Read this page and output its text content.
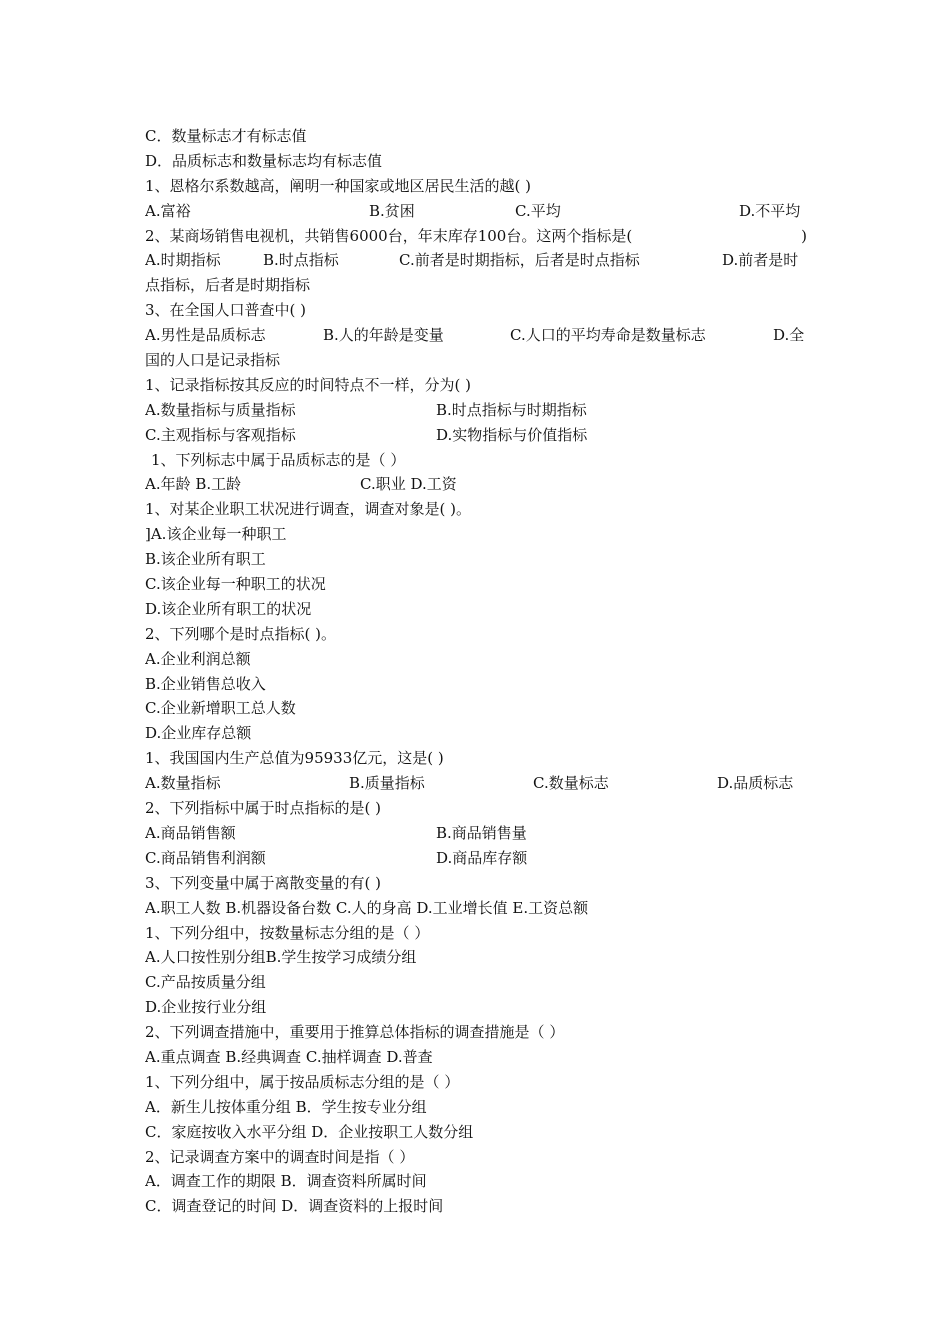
C．数量标志才有标志值
D．品质标志和数量标志均有标志值
1、恩格尔系数越高，阐明一种国家或地区居民生活的越( )
A.富裕	B.贫困	C.平均	D.不平均
2、某商场销售电视机，共销售6000台，年末库存100台。这两个指标是(	)
A.时期指标	B.时点指标	C.前者是时期指标，后者是时点指标	D.前者是时
点指标，后者是时期指标
3、在全国人口普查中( )
A.男性是品质标志	B.人的年龄是变量	C.人口的平均寿命是数量标志	D.全
国的人口是记录指标
1、记录指标按其反应的时间特点不一样，分为( )
A.数量指标与质量指标	B.时点指标与时期指标
C.主观指标与客观指标	D.实物指标与价值指标
1、下列标志中属于品质标志的是（ ）
A.年龄 B.工龄	C.职业 D.工资
1、对某企业职工状况进行调查，调查对象是( )。
]A.该企业每一种职工
B.该企业所有职工
C.该企业每一种职工的状况
D.该企业所有职工的状况
2、下列哪个是时点指标( )。
A.企业利润总额
B.企业销售总收入
C.企业新增职工总人数
D.企业库存总额
1、我国国内生产总值为95933亿元，这是( )
A.数量指标	B.质量指标	C.数量标志	D.品质标志
2、下列指标中属于时点指标的是( )
A.商品销售额	B.商品销售量
C.商品销售利润额	D.商品库存额
3、下列变量中属于离散变量的有( )
A.职工人数 B.机器设备台数 C.人的身高 D.工业增长值 E.工资总额
1、下列分组中，按数量标志分组的是（ ）
A.人口按性别分组B.学生按学习成绩分组
C.产品按质量分组
D.企业按行业分组
2、下列调查措施中，重要用于推算总体指标的调查措施是（ ）
A.重点调查 B.经典调查 C.抽样调查 D.普查
1、下列分组中，属于按品质标志分组的是（ ）
A．新生儿按体重分组 B．学生按专业分组
C．家庭按收入水平分组 D．企业按职工人数分组
2、记录调查方案中的调查时间是指（ ）
A．调查工作的期限 B．调查资料所属时间
C．调查登记的时间 D．调查资料的上报时间
